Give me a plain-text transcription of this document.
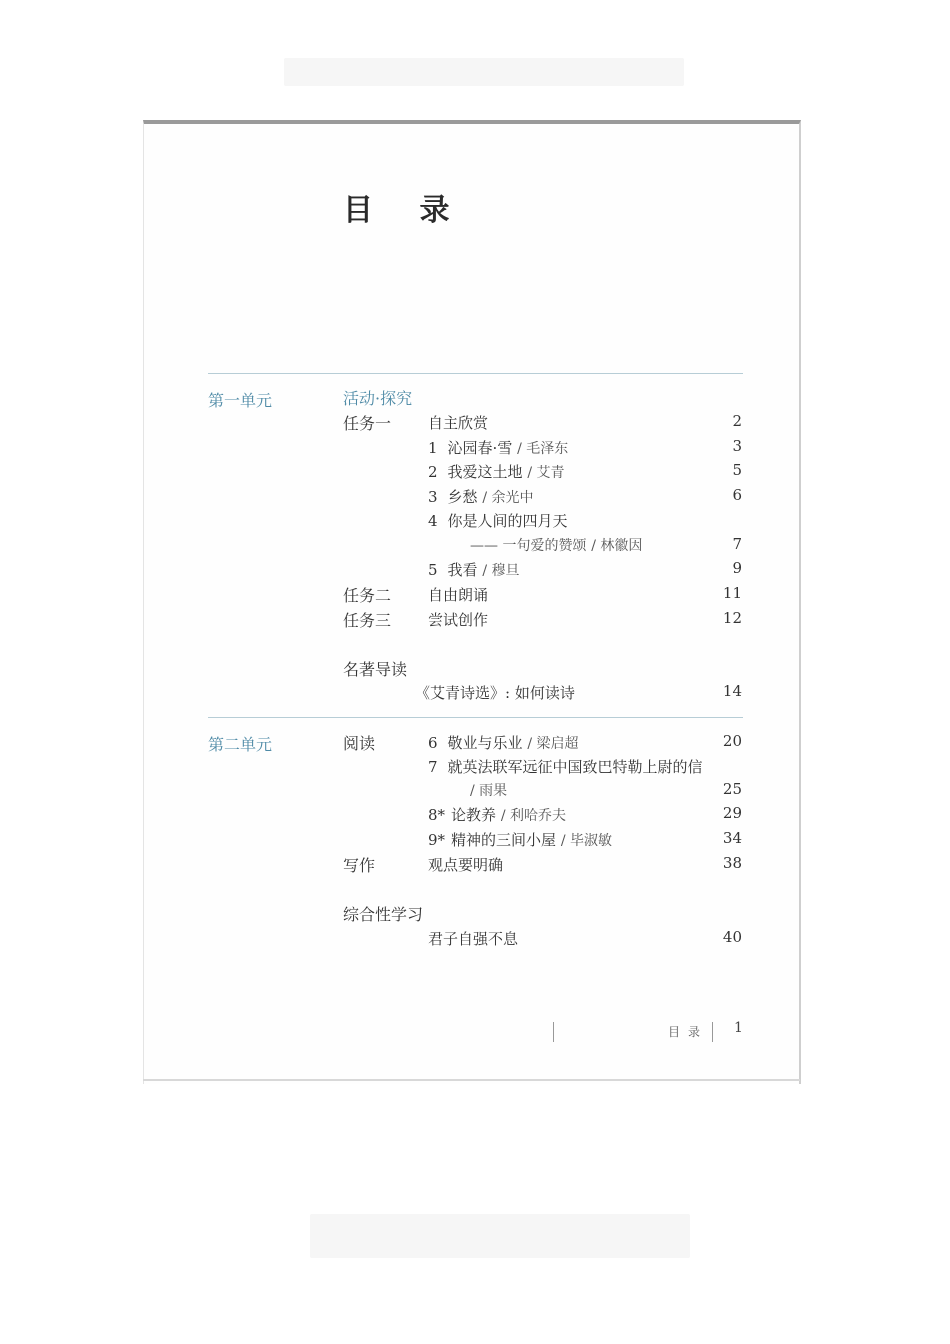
目 录
第一单元	活动·探究
任务一 自主欣赏	2
1 沁园春·雪 / 毛泽东	3
2 我爱这土地 / 艾青	5
3 乡愁 / 余光中	6
4 你是人间的四月天
—— 一句爱的赞颂 / 林徽因	7
5 我看 / 穆旦	9
任务二 自由朗诵	11
任务三 尝试创作	12
名著导读
《艾青诗选》: 如何读诗	14
第二单元	阅读	6 敬业与乐业 / 梁启超	20
7 就英法联军远征中国致巴特勒上尉的信
/ 雨果	25
8* 论教养 / 利哈乔夫	29
9* 精神的三间小屋 / 毕淑敏	34
写作	观点要明确	38
综合性学习
君子自强不息	40
目录 1
